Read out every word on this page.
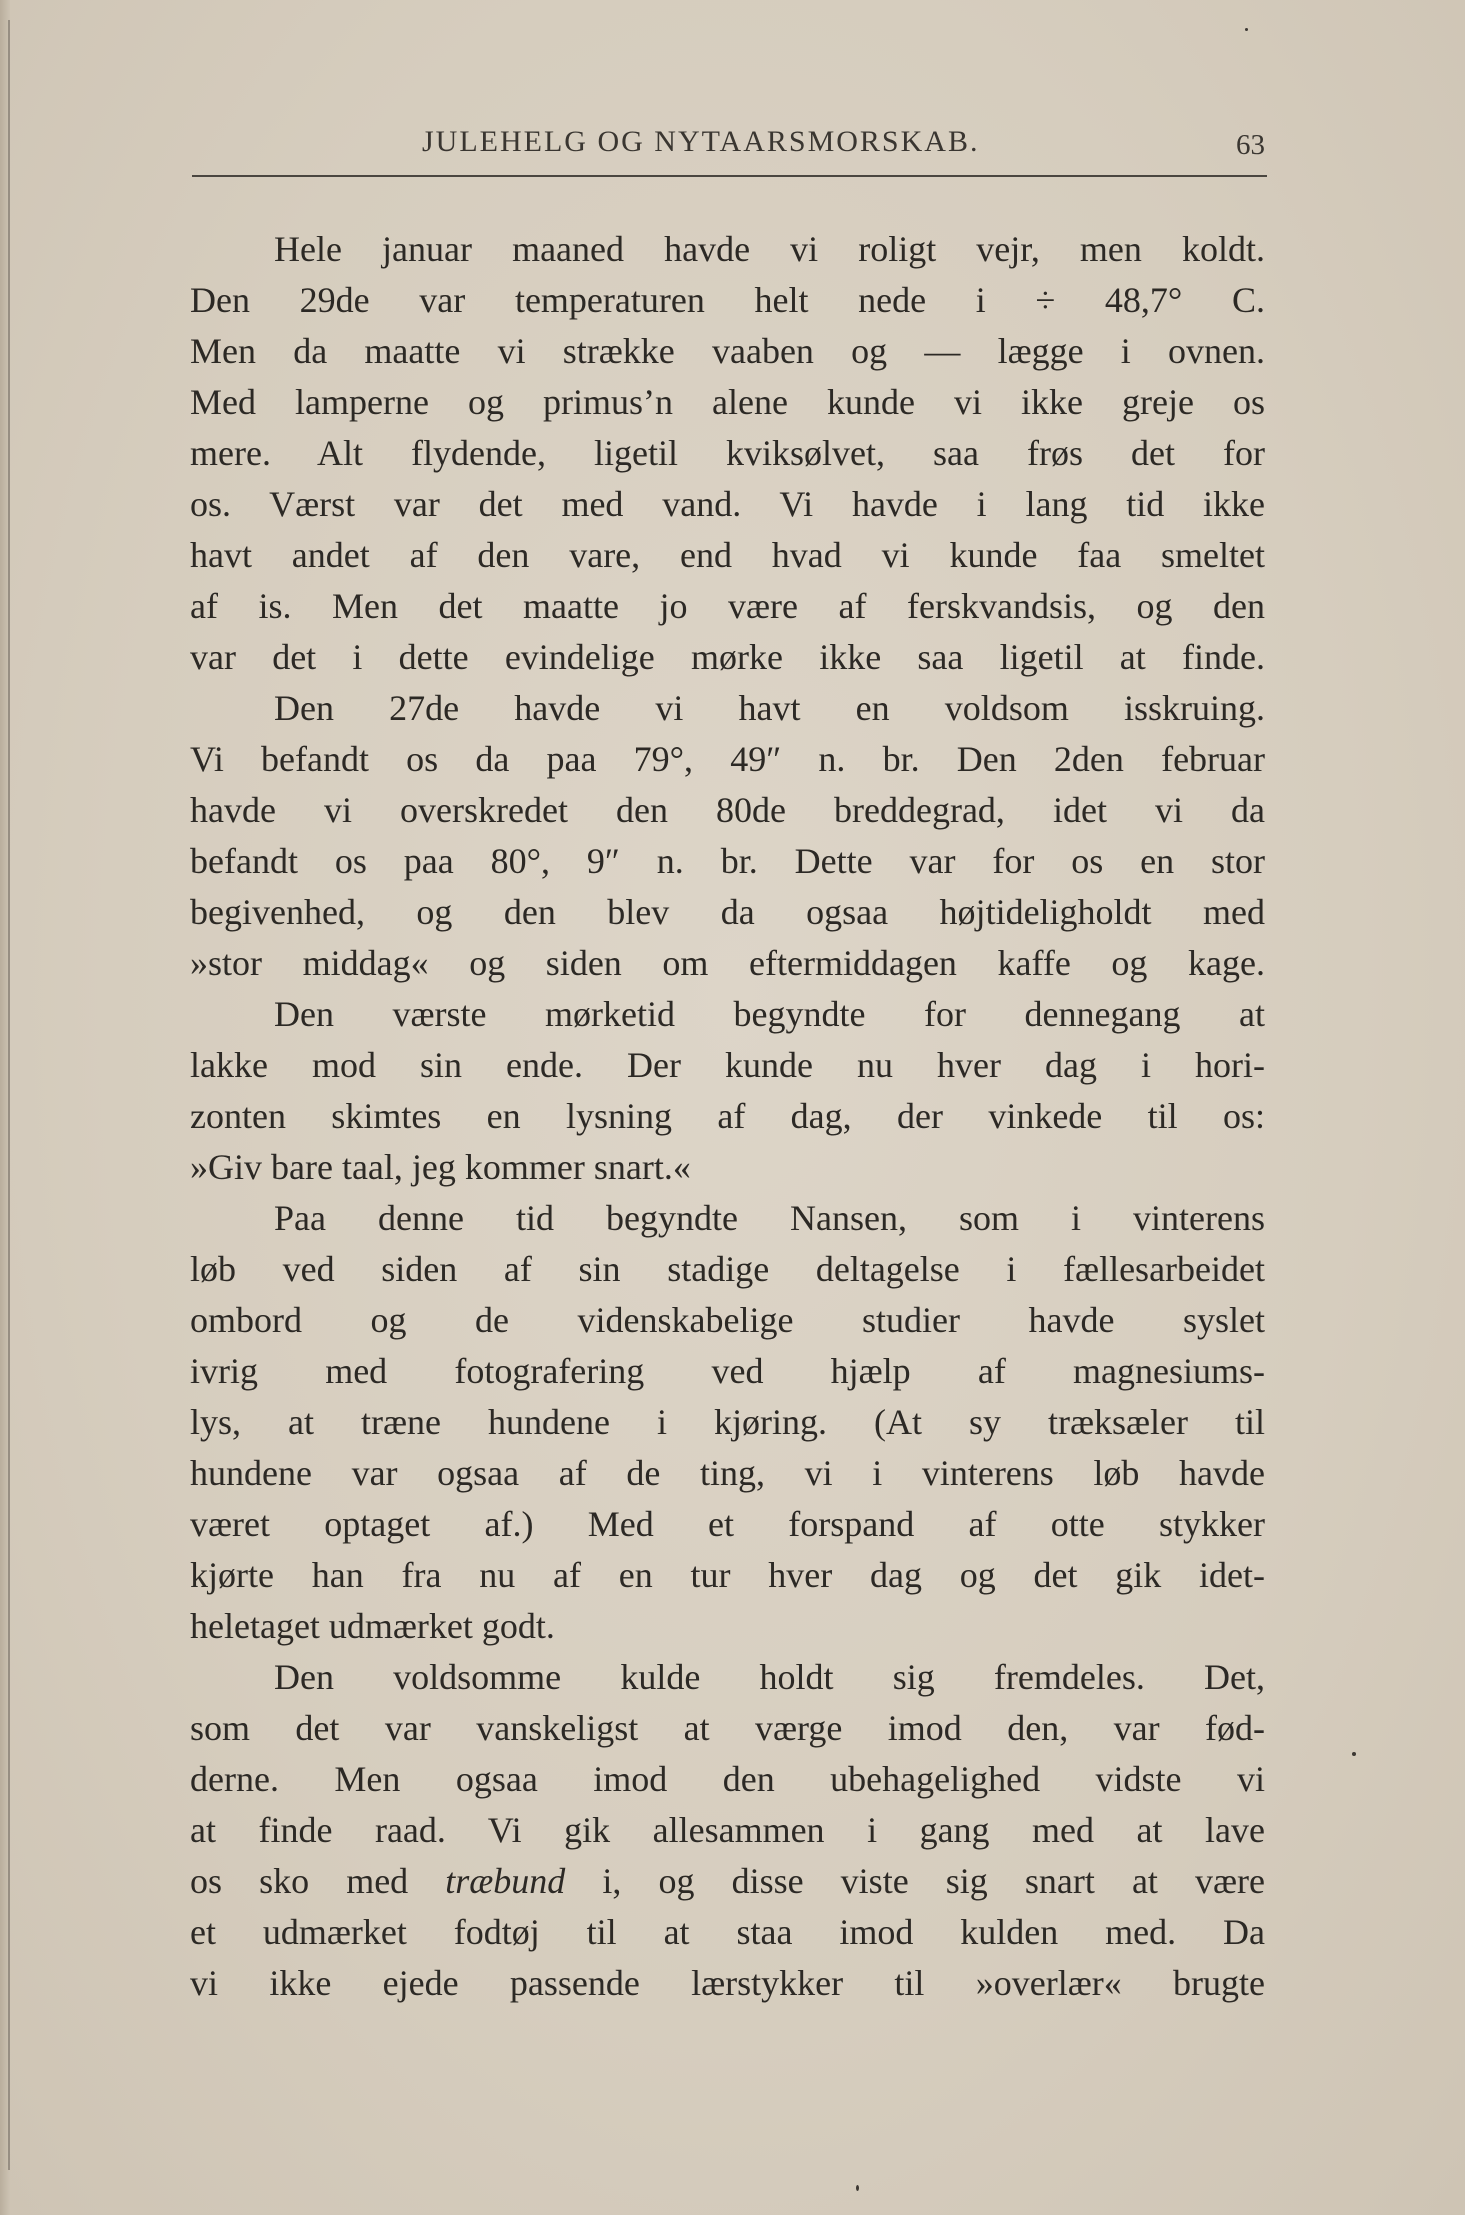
JULEHELG OG NYTAARSMORSKAB.	63
Hele januar maaned havde vi roligt vejr, men koldt.
Den 29de var temperaturen helt nede i ÷ 48,7° C.
Men da maatte vi strække vaaben og — lægge i ovnen.
Med lamperne og primus’n alene kunde vi ikke greje os
mere. Alt flydende, ligetil kviksølvet, saa frøs det for
os. Værst var det med vand. Vi havde i lang tid ikke
havt andet af den vare, end hvad vi kunde faa smeltet
af is. Men det maatte jo være af ferskvandsis, og den
var det i dette evindelige mørke ikke saa ligetil at finde.
Den 27de havde vi havt en voldsom isskruing.
Vi befandt os da paa 79°, 49″ n. br. Den 2den februar
havde vi overskredet den 80de breddegrad, idet vi da
befandt os paa 80°, 9″ n. br. Dette var for os en stor
begivenhed, og den blev da ogsaa højtideligholdt med
»stor middag« og siden om eftermiddagen kaffe og kage.
Den værste mørketid begyndte for dennegang at
lakke mod sin ende. Der kunde nu hver dag i hori-
zonten skimtes en lysning af dag, der vinkede til os:
»Giv bare taal, jeg kommer snart.«
Paa denne tid begyndte Nansen, som i vinterens
løb ved siden af sin stadige deltagelse i fællesarbeidet
ombord og de videnskabelige studier havde syslet
ivrig med fotografering ved hjælp af magnesiums-
lys, at træne hundene i kjøring. (At sy træksæler til
hundene var ogsaa af de ting, vi i vinterens løb havde
været optaget af.) Med et forspand af otte stykker
kjørte han fra nu af en tur hver dag og det gik idet-
heletaget udmærket godt.
Den voldsomme kulde holdt sig fremdeles. Det,
som det var vanskeligst at værge imod den, var fød-
derne. Men ogsaa imod den ubehagelighed vidste vi
at finde raad. Vi gik allesammen i gang med at lave
os sko med træbund i, og disse viste sig snart at være
et udmærket fodtøj til at staa imod kulden med. Da
vi ikke ejede passende lærstykker til »overlær« brugte
